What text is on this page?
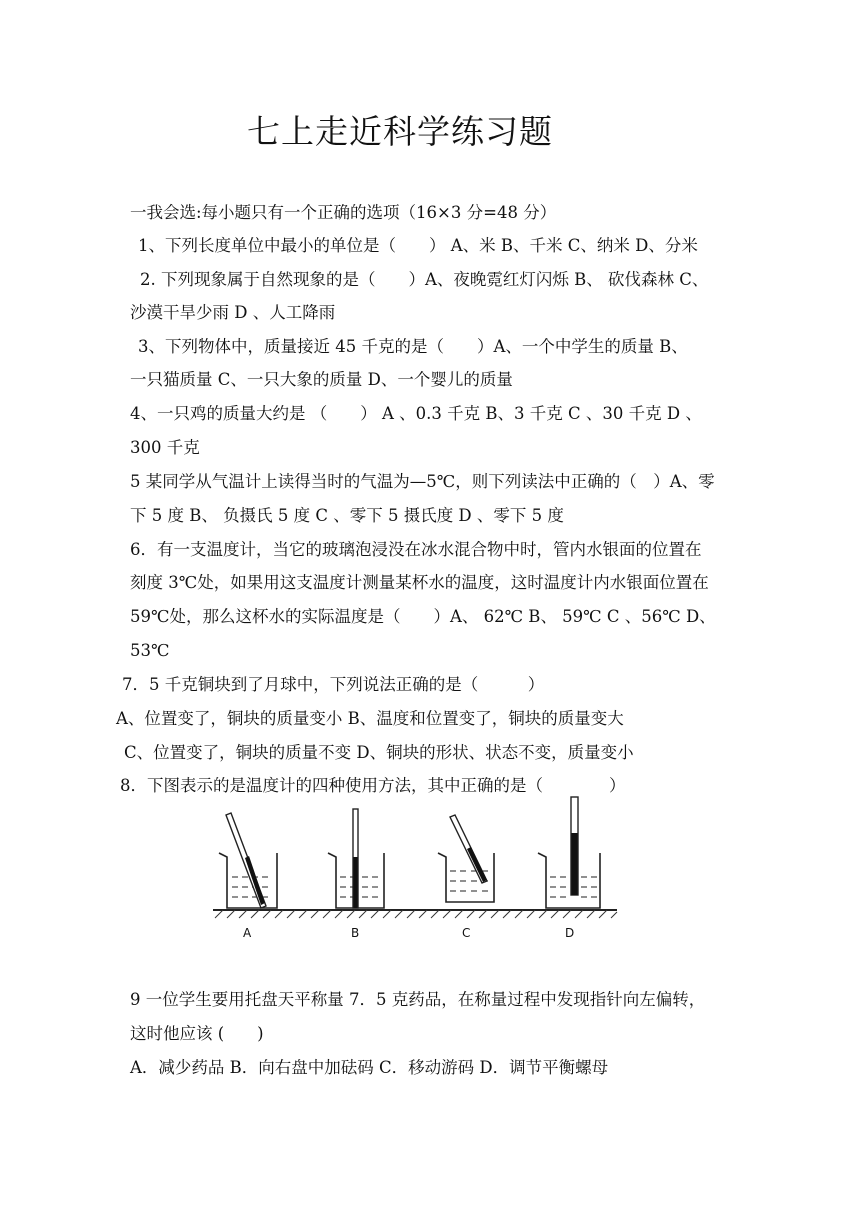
七上走近科学练习题
一我会选:每小题只有一个正确的选项（16×3 分=48 分）
1、下列长度单位中最小的单位是（　　） A、米 B、千米 C、纳米 D、分米
2. 下列现象属于自然现象的是（　　）A、夜晚霓红灯闪烁 B、 砍伐森林 C、
沙漠干旱少雨 D 、人工降雨
3、下列物体中，质量接近 45 千克的是（　　）A、一个中学生的质量 B、
一只猫质量 C、一只大象的质量 D、一个婴儿的质量
4、一只鸡的质量大约是 （　　） A 、0.3 千克 B、3 千克 C 、30 千克 D 、
300 千克
5 某同学从气温计上读得当时的气温为—5℃，则下列读法中正确的（　）A、零
下 5 度 B、 负摄氏 5 度 C 、零下 5 摄氏度 D 、零下 5 度
6．有一支温度计，当它的玻璃泡浸没在冰水混合物中时，管内水银面的位置在
刻度 3℃处，如果用这支温度计测量某杯水的温度，这时温度计内水银面位置在
59℃处，那么这杯水的实际温度是（　　）A、 62℃ B、 59℃ C 、56℃ D、
53℃
7．5 千克铜块到了月球中，下列说法正确的是（　　　）
A、位置变了，铜块的质量变小 B、温度和位置变了，铜块的质量变大
C、位置变了，铜块的质量不变 D、铜块的形状、状态不变，质量变小
8．下图表示的是温度计的四种使用方法，其中正确的是（　　　　）
A	B	C	D
9 一位学生要用托盘天平称量 7．5 克药品，在称量过程中发现指针向左偏转，
这时他应该 (　　)
A．减少药品 B．向右盘中加砝码 C．移动游码 D．调节平衡螺母
